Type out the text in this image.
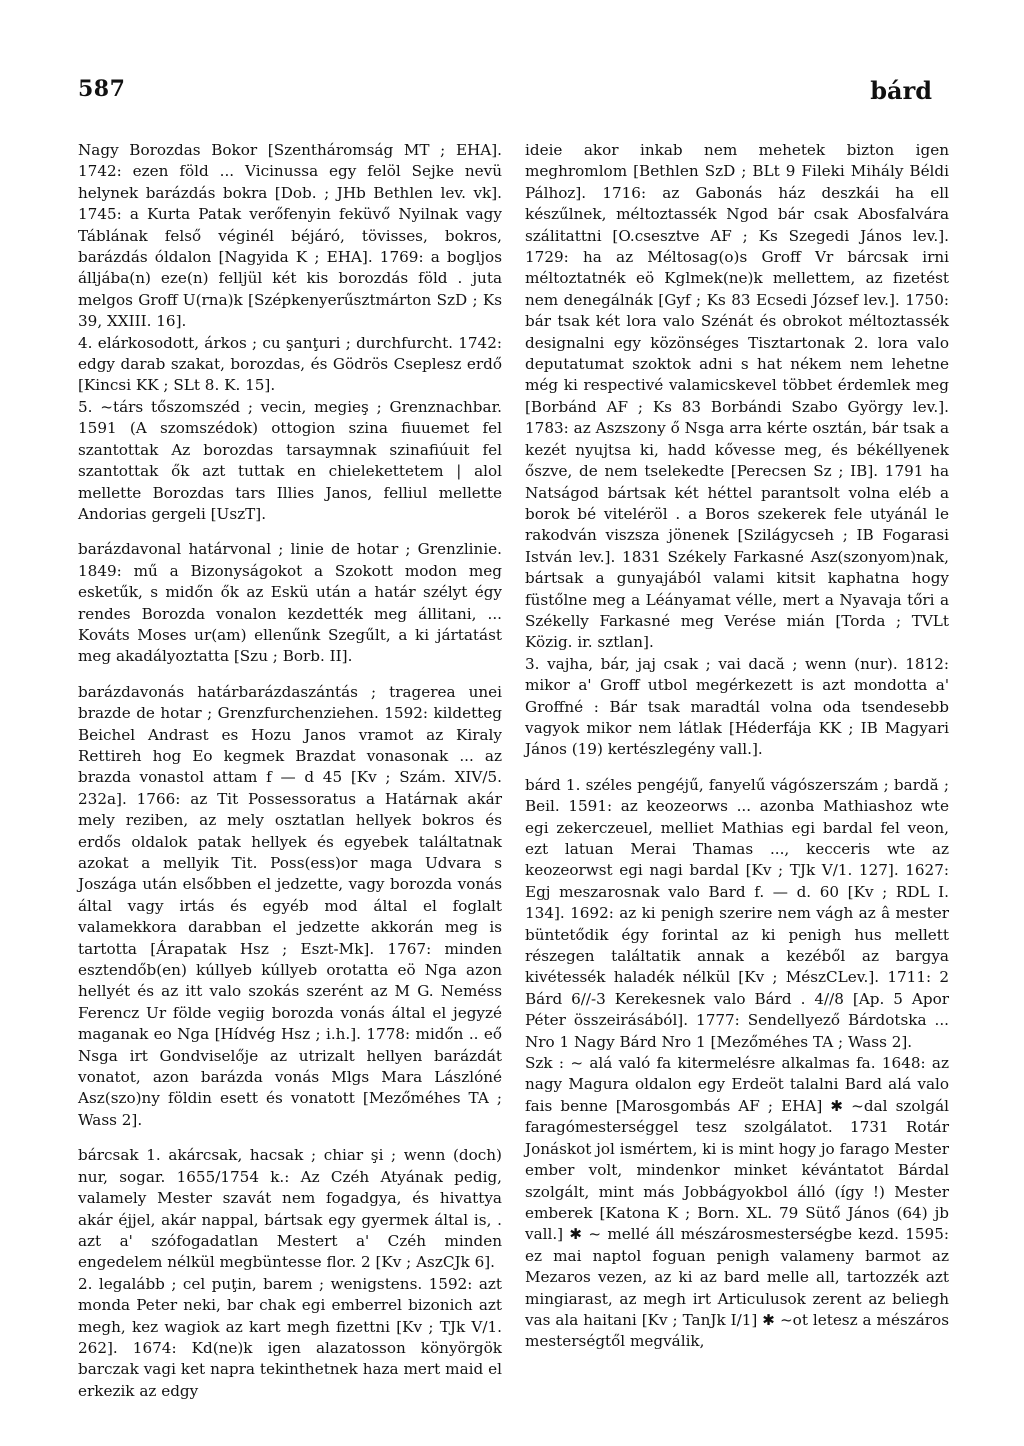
587	bárd

Nagy Borozdas Bokor [Szentháromság MT ; EHA]. 1742: ezen föld ... Vicinussa egy felöl Sejke nevü helynek barázdás bokra [Dob. ; JHb Bethlen lev. vk]. 1745: a Kurta Patak verőfenyin feküvő Nyilnak vagy Táblának felső véginél béjáró, tövisses, bokros, barázdás óldalon [Nagyida K ; EHA]. 1769: a bogljos álljába(n) eze(n) felljül két kis borozdás föld . juta melgos Groff U(rna)k [Szépkenyerűsztmárton SzD ; Ks 39, XXIII. 16].

4. elárkosodott, árkos ; cu şanţuri ; durchfurcht. 1742: edgy darab szakat, borozdas, és Gödrös Cseplesz erdő [Kincsi KK ; SLt 8. K. 15].

5. ~társ tőszomszéd ; vecin, megieş ; Grenznachbar. 1591 (A szomszédok) ottogion szina fiuuemet fel szantottak Az borozdas tarsaymnak szinafiúuit fel szantottak ők azt tuttak en chielekettetem | alol mellette Borozdas tars Illies Janos, felliul mellette Andorias gergeli [UszT].

barázdavonal határvonal ; linie de hotar ; Grenzlinie. 1849: mű a Bizonyságokot a Szokott modon meg esketűk, s midőn ők az Eskü után a határ szélyt égy rendes Borozda vonalon kezdették meg állitani, ... Kováts Moses ur(am) ellenűnk Szegűlt, a ki jártatást meg akadályoztatta [Szu ; Borb. II].

barázdavonás határbarázdaszántás ; tragerea unei brazde de hotar ; Grenzfurchenziehen. 1592: kildetteg Beichel Andrast es Hozu Janos vramot az Kiraly Rettireh hog Eo kegmek Brazdat vonasonak ... az brazda vonastol attam f — d 45 [Kv ; Szám. XIV/5. 232a]. 1766: az Tit Possessoratus a Határnak akár mely reziben, az mely osztatlan hellyek bokros és erdős oldalok patak hellyek és egyebek találtatnak azokat a mellyik Tit. Poss(ess)or maga Udvara s Joszága után elsőbben el jedzette, vagy borozda vonás által vagy irtás és egyéb mod által el foglalt valamekkora darabban el jedzette akkorán meg is tartotta [Árapatak Hsz ; Eszt-Mk]. 1767: minden esztendőb(en) kúllyeb kúllyeb orotatta eö Nga azon hellyét és az itt valo szokás szerént az M G. Neméss Ferencz Ur földe vegiig borozda vonás által el jegyzé maganak eo Nga [Hídvég Hsz ; i.h.]. 1778: midőn .. eő Nsga irt Gondviselője az utrizalt hellyen barázdát vonatot, azon barázda vonás Mlgs Mara Lászlóné Asz(szo)ny földin esett és vonatott [Mezőméhes TA ; Wass 2].

bárcsak 1. akárcsak, hacsak ; chiar şi ; wenn (doch) nur, sogar. 1655/1754 k.: Az Czéh Atyának pedig, valamely Mester szavát nem fogadgya, és hivattya akár éjjel, akár nappal, bártsak egy gyermek által is, . azt a' szófogadatlan Mestert a' Czéh minden engedelem nélkül megbüntesse flor. 2 [Kv ; AszCJk 6].

2. legalább ; cel puţin, barem ; wenigstens. 1592: azt monda Peter neki, bar chak egi emberrel bizonich azt megh, kez wagiok az kart megh fizettni [Kv ; TJk V/1. 262]. 1674: Kd(ne)k igen alazatosson könyörgök barczak vagi ket napra tekinthetnek haza mert maid el erkezik az edgy

ideie akor inkab nem mehetek bizton igen meghromlom [Bethlen SzD ; BLt 9 Fileki Mihály Béldi Pálhoz]. 1716: az Gabonás ház deszkái ha ell készűlnek, méltoztassék Ngod bár csak Abosfalvára szálitattni [O.csesztve AF ; Ks Szegedi János lev.]. 1729: ha az Méltosag(o)s Groff Vr bárcsak irni méltoztatnék eö Kglmek(ne)k mellettem, az fizetést nem denegálnák [Gyf ; Ks 83 Ecsedi József lev.]. 1750: bár tsak két lora valo Szénát és obrokot méltoztassék designalni egy közönséges Tisztartonak 2. lora valo deputatumat szoktok adni s hat nékem nem lehetne még ki respectivé valamicskevel többet érdemlek meg [Borbánd AF ; Ks 83 Borbándi Szabo György lev.]. 1783: az Aszszony ő Nsga arra kérte osztán, bár tsak a kezét nyujtsa ki, hadd kővesse meg, és békéllyenek őszve, de nem tselekedte [Perecsen Sz ; IB]. 1791 ha Natságod bártsak két héttel parantsolt volna eléb a borok bé viteléröl . a Boros szekerek fele utyánál le rakodván viszsza jönenek [Szilágycseh ; IB Fogarasi István lev.]. 1831 Székely Farkasné Asz(szonyom)nak, bártsak a gunyajából valami kitsit kaphatna hogy füstőlne meg a Léányamat vélle, mert a Nyavaja tőri a Székelly Farkasné meg Verése mián [Torda ; TVLt Közig. ir. sztlan].

3. vajha, bár, jaj csak ; vai dacă ; wenn (nur). 1812: mikor a' Groff utbol megérkezett is azt mondotta a' Groffné : Bár tsak maradtál volna oda tsendesebb vagyok mikor nem látlak [Héderfája KK ; IB Magyari János (19) kertészlegény vall.].

bárd 1. széles pengéjű, fanyelű vágószerszám ; bardă ; Beil. 1591: az keozeorws ... azonba Mathiashoz wte egi zekerczeuel, melliet Mathias egi bardal fel veon, ezt latuan Merai Thamas ..., kecceris wte az keozeorwst egi nagi bardal [Kv ; TJk V/1. 127]. 1627: Egj meszarosnak valo Bard f. — d. 60 [Kv ; RDL I. 134]. 1692: az ki penigh szerire nem vágh az â mester büntetődik égy forintal az ki penigh hus mellett részegen találtatik annak a kezéből az bargya kivétessék haladék nélkül [Kv ; MészCLev.]. 1711: 2 Bárd 6//-3 Kerekesnek valo Bárd . 4//8 [Ap. 5 Apor Péter összeirásából]. 1777: Sendellyező Bárdotska ... Nro 1 Nagy Bárd Nro 1 [Mezőméhes TA ; Wass 2].

Szk : ~ alá való fa kitermelésre alkalmas fa. 1648: az nagy Magura oldalon egy Erdeöt talalni Bard alá valo fais benne [Marosgombás AF ; EHA] ✱ ~dal szolgál faragómesterséggel tesz szolgálatot. 1731 Rotár Jonáskot jol ismértem, ki is mint hogy jo farago Mester ember volt, mindenkor minket kévántatot Bárdal szolgált, mint más Jobbágyokbol álló (így !) Mester emberek [Katona K ; Born. XL. 79 Sütő János (64) jb vall.] ✱ ~ mellé áll mészárosmesterségbe kezd. 1595: ez mai naptol foguan penigh valameny barmot az Mezaros vezen, az ki az bard melle all, tartozzék azt mingiarast, az megh irt Articulusok zerent az beliegh vas ala haitani [Kv ; TanJk I/1] ✱ ~ot letesz a mészáros mesterségtől megválik,
